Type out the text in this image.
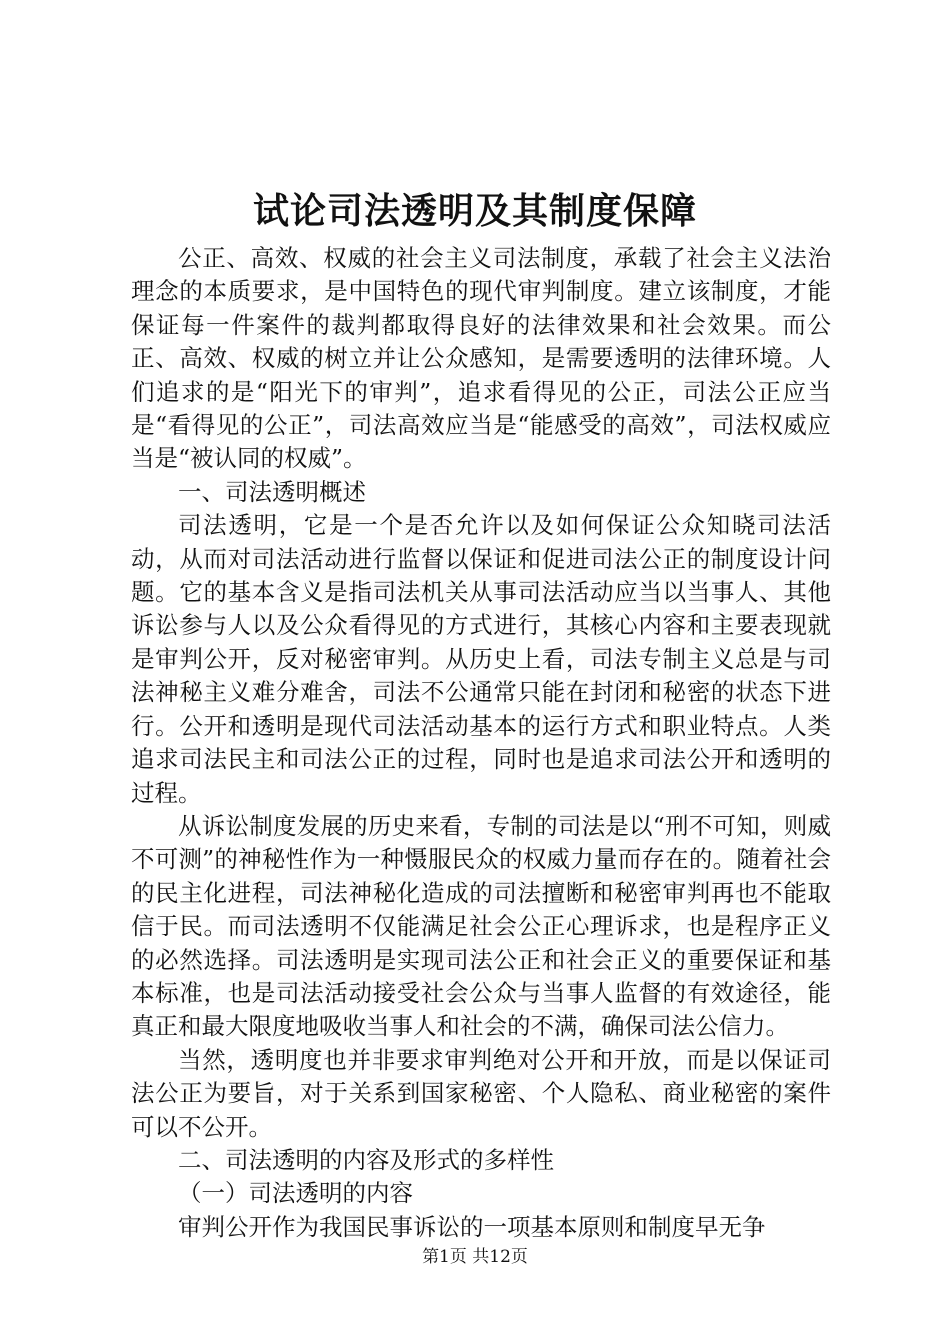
试论司法透明及其制度保障

公正、高效、权威的社会主义司法制度，承载了社会主义法治理念的本质要求，是中国特色的现代审判制度。建立该制度，才能保证每一件案件的裁判都取得良好的法律效果和社会效果。而公正、高效、权威的树立并让公众感知，是需要透明的法律环境。人们追求的是“阳光下的审判”，追求看得见的公正，司法公正应当是“看得见的公正”，司法高效应当是“能感受的高效”，司法权威应当是“被认同的权威”。

一、司法透明概述

司法透明，它是一个是否允许以及如何保证公众知晓司法活动，从而对司法活动进行监督以保证和促进司法公正的制度设计问题。它的基本含义是指司法机关从事司法活动应当以当事人、其他诉讼参与人以及公众看得见的方式进行，其核心内容和主要表现就是审判公开，反对秘密审判。从历史上看，司法专制主义总是与司法神秘主义难分难舍，司法不公通常只能在封闭和秘密的状态下进行。公开和透明是现代司法活动基本的运行方式和职业特点。人类追求司法民主和司法公正的过程，同时也是追求司法公开和透明的过程。

从诉讼制度发展的历史来看，专制的司法是以“刑不可知，则威不可测”的神秘性作为一种慑服民众的权威力量而存在的。随着社会的民主化进程，司法神秘化造成的司法擅断和秘密审判再也不能取信于民。而司法透明不仅能满足社会公正心理诉求，也是程序正义的必然选择。司法透明是实现司法公正和社会正义的重要保证和基本标准，也是司法活动接受社会公众与当事人监督的有效途径，能真正和最大限度地吸收当事人和社会的不满，确保司法公信力。

当然，透明度也并非要求审判绝对公开和开放，而是以保证司法公正为要旨，对于关系到国家秘密、个人隐私、商业秘密的案件可以不公开。

二、司法透明的内容及形式的多样性

（一）司法透明的内容

审判公开作为我国民事诉讼的一项基本原则和制度早无争

第1页 共12页
